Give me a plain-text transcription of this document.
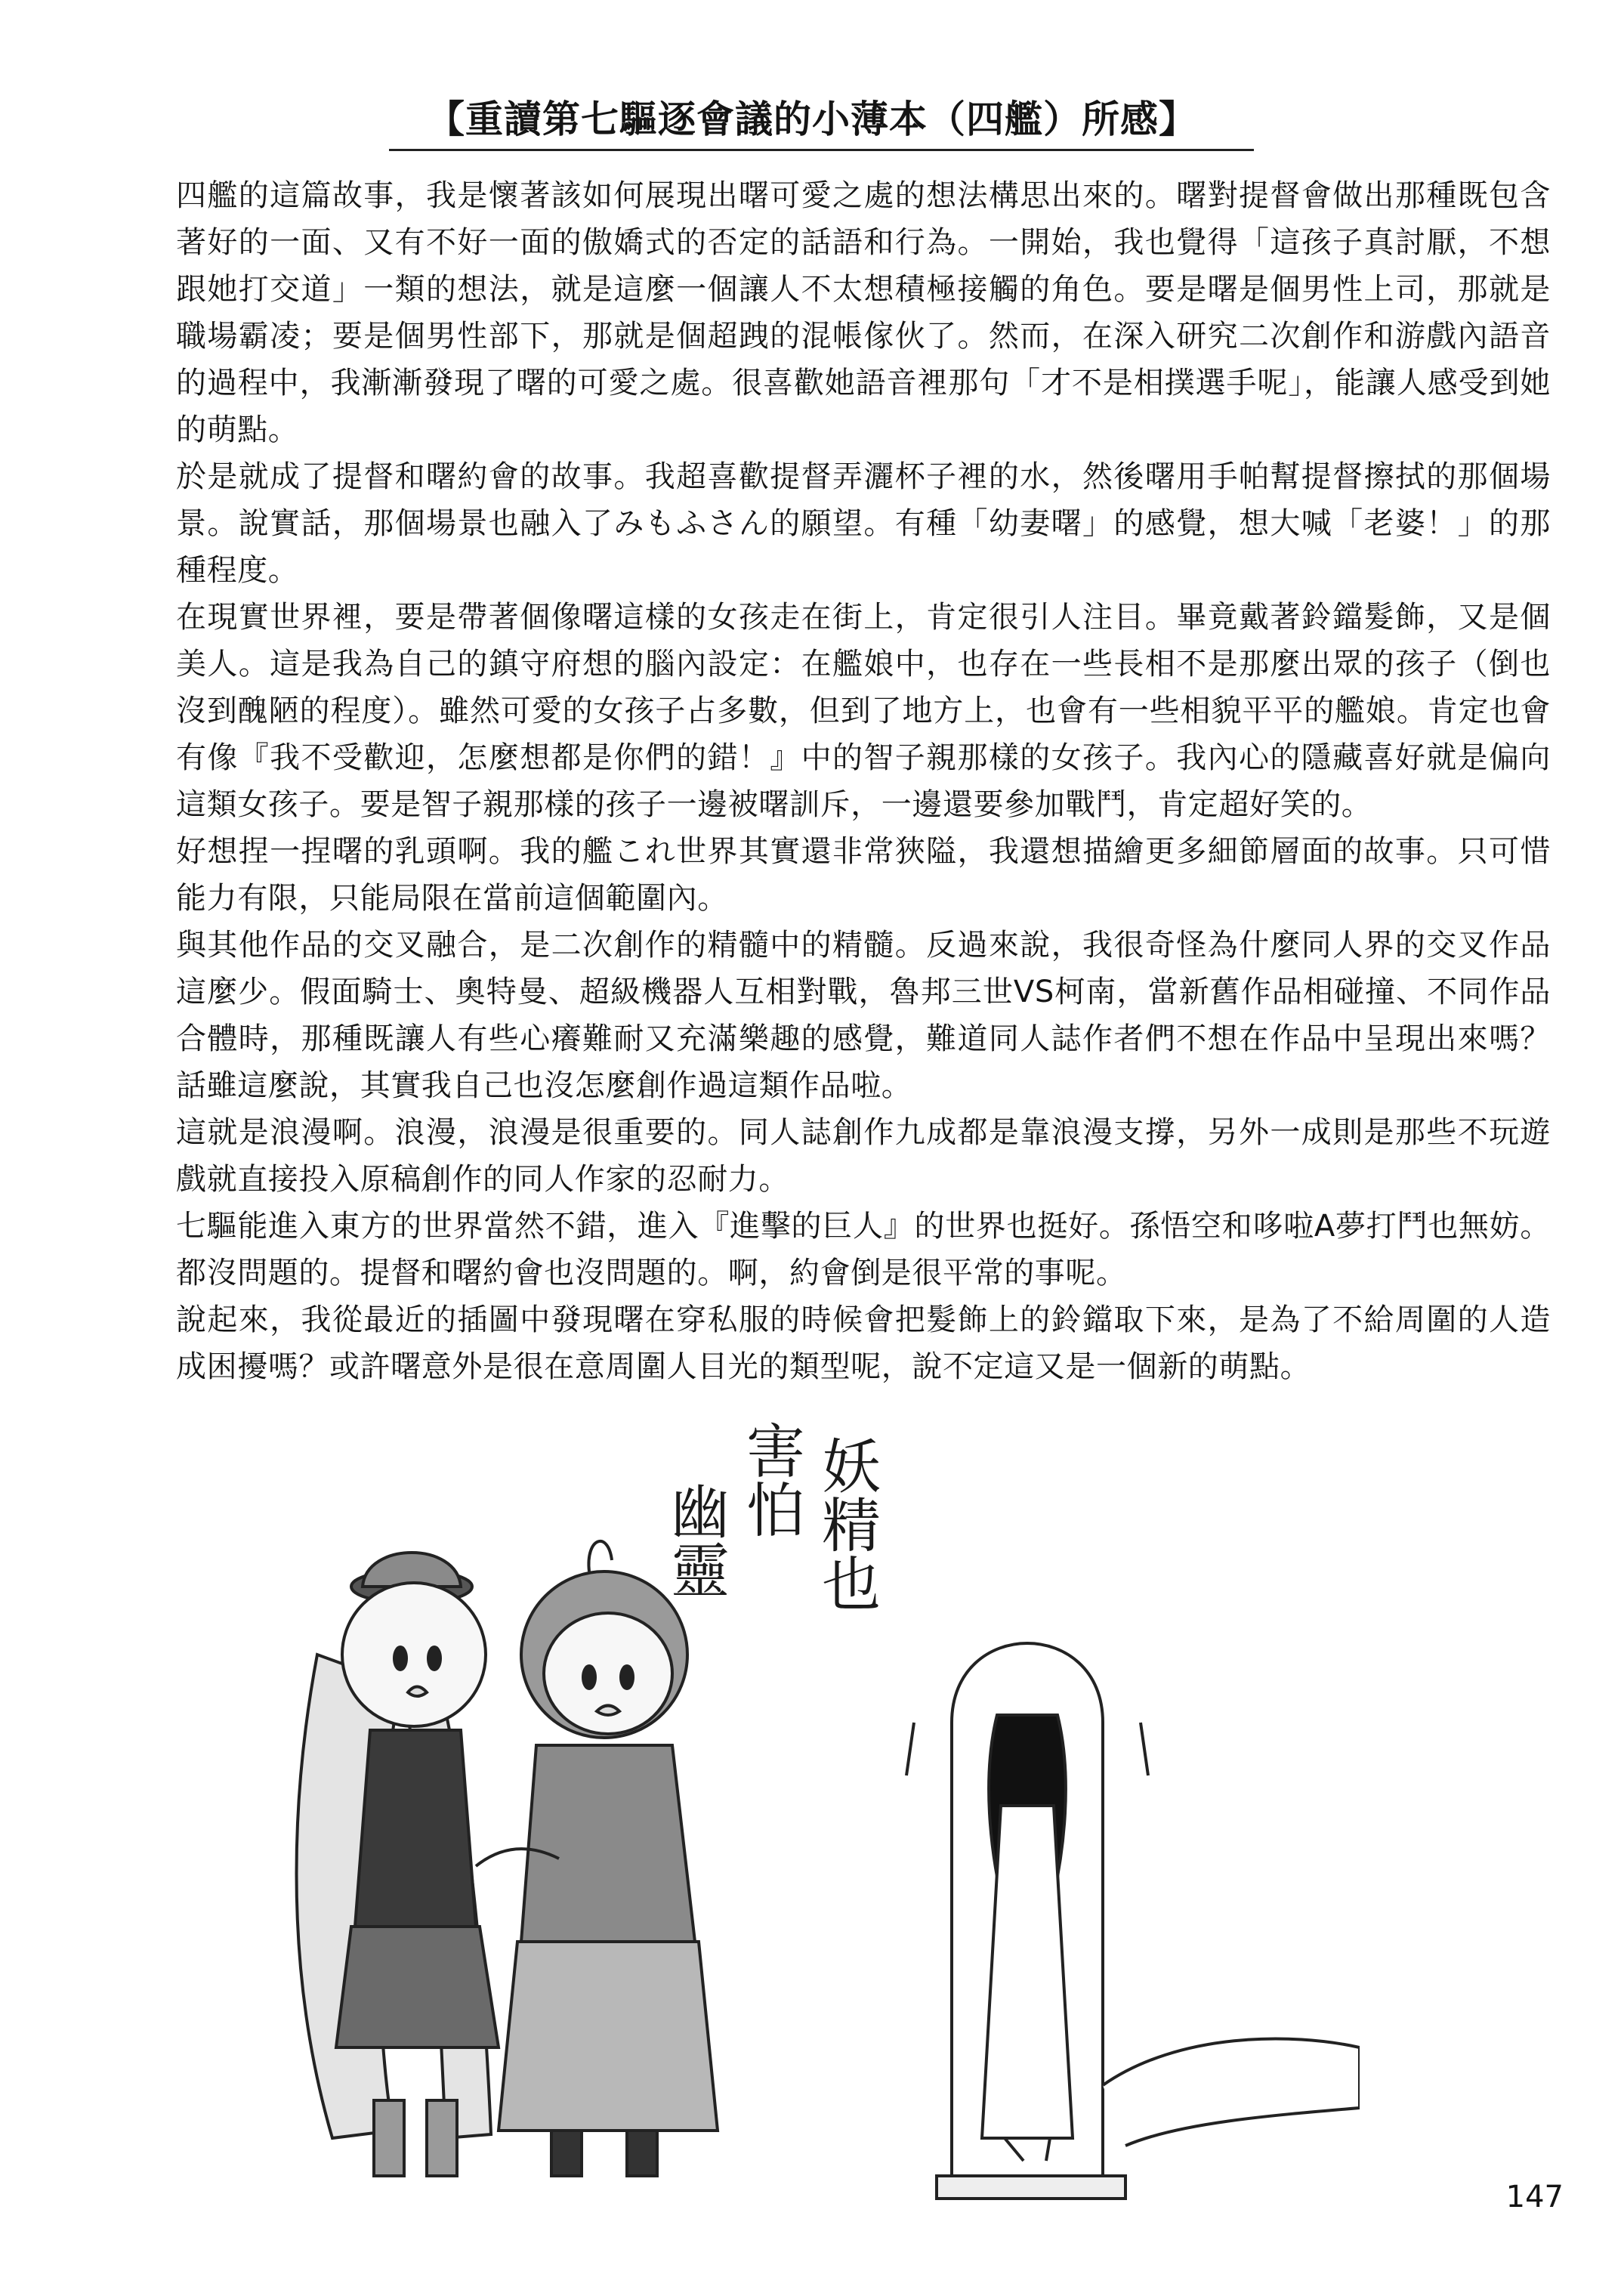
【重讀第七驅逐會議的小薄本（四艦）所感】

四艦的這篇故事，我是懷著該如何展現出曙可愛之處的想法構思出來的。曙對提督會做出那種既包含著好的一面、又有不好一面的傲嬌式的否定的話語和行為。一開始，我也覺得「這孩子真討厭，不想跟她打交道」一類的想法，就是這麼一個讓人不太想積極接觸的角色。要是曙是個男性上司，那就是職場霸凌；要是個男性部下，那就是個超跩的混帳傢伙了。然而，在深入研究二次創作和游戲內語音的過程中，我漸漸發現了曙的可愛之處。很喜歡她語音裡那句「才不是相撲選手呢」，能讓人感受到她的萌點。

於是就成了提督和曙約會的故事。我超喜歡提督弄灑杯子裡的水，然後曙用手帕幫提督擦拭的那個場景。說實話，那個場景也融入了みもふさん的願望。有種「幼妻曙」的感覺，想大喊「老婆！」的那種程度。

在現實世界裡，要是帶著個像曙這樣的女孩走在街上，肯定很引人注目。畢竟戴著鈴鐺髮飾，又是個美人。這是我為自己的鎮守府想的腦內設定：在艦娘中，也存在一些長相不是那麼出眾的孩子（倒也沒到醜陋的程度）。雖然可愛的女孩子占多數，但到了地方上，也會有一些相貌平平的艦娘。肯定也會有像『我不受歡迎，怎麼想都是你們的錯！』中的智子親那樣的女孩子。我內心的隱藏喜好就是偏向這類女孩子。要是智子親那樣的孩子一邊被曙訓斥，一邊還要參加戰鬥，肯定超好笑的。

好想捏一捏曙的乳頭啊。我的艦これ世界其實還非常狹隘，我還想描繪更多細節層面的故事。只可惜能力有限，只能局限在當前這個範圍內。

與其他作品的交叉融合，是二次創作的精髓中的精髓。反過來說，我很奇怪為什麼同人界的交叉作品這麼少。假面騎士、奧特曼、超級機器人互相對戰，魯邦三世VS柯南，當新舊作品相碰撞、不同作品合體時，那種既讓人有些心癢難耐又充滿樂趣的感覺，難道同人誌作者們不想在作品中呈現出來嗎？話雖這麼說，其實我自己也沒怎麼創作過這類作品啦。

這就是浪漫啊。浪漫，浪漫是很重要的。同人誌創作九成都是靠浪漫支撐，另外一成則是那些不玩遊戲就直接投入原稿創作的同人作家的忍耐力。

七驅能進入東方的世界當然不錯，進入『進擊的巨人』的世界也挺好。孫悟空和哆啦A夢打鬥也無妨。都沒問題的。提督和曙約會也沒問題的。啊，約會倒是很平常的事呢。

說起來，我從最近的插圖中發現曙在穿私服的時候會把髮飾上的鈴鐺取下來，是為了不給周圍的人造成困擾嗎？或許曙意外是很在意周圍人目光的類型呢，說不定這又是一個新的萌點。

妖精也
害怕
幽靈
147
